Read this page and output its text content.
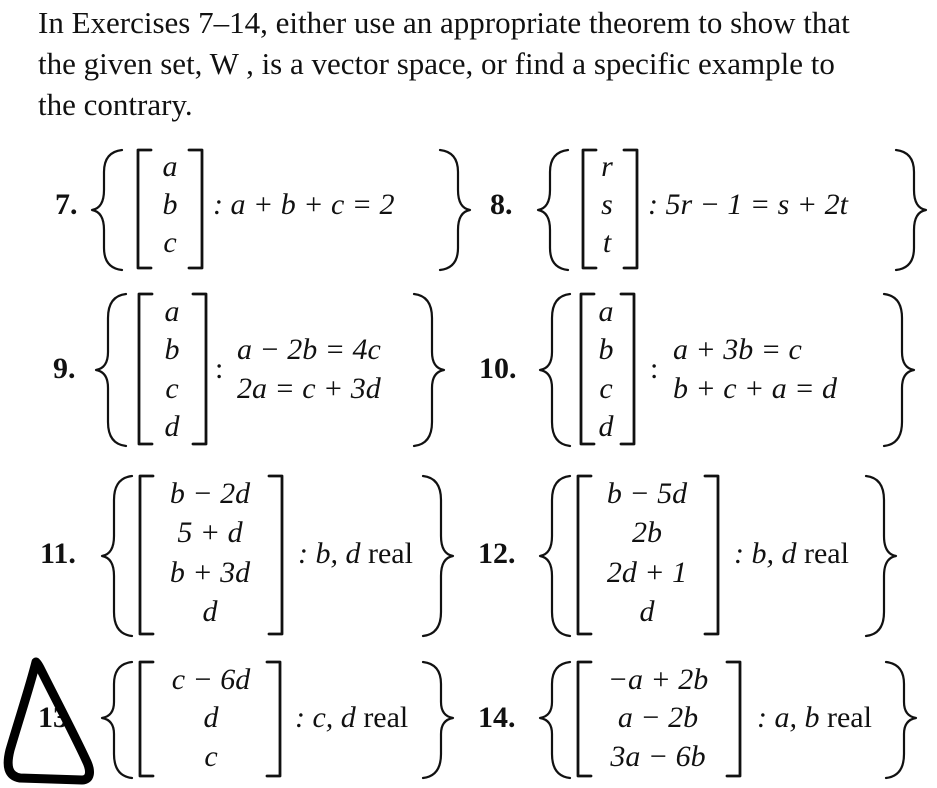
In Exercises 7–14, either use an appropriate theorem to show that
the given set, W , is a vector space, or find a specific example to
the contrary.

7.
a
b
c
: a + b + c = 2	8.
r
s
t
: 5r − 1 = s + 2t
9.
a
b
c
d
:
a − 2b = 4c
2a = c + 3d
10.
a
b
c
d
:
a + 3b = c
b + c + a = d
11.
b − 2d
5 + d
b + 3d
d
: b, d real 12.
b − 5d
2b
2d + 1
d
: b, d real
13
c − 6d
d
c
: c, d real 14.
−a + 2b
a − 2b
3a − 6b
: a, b real
